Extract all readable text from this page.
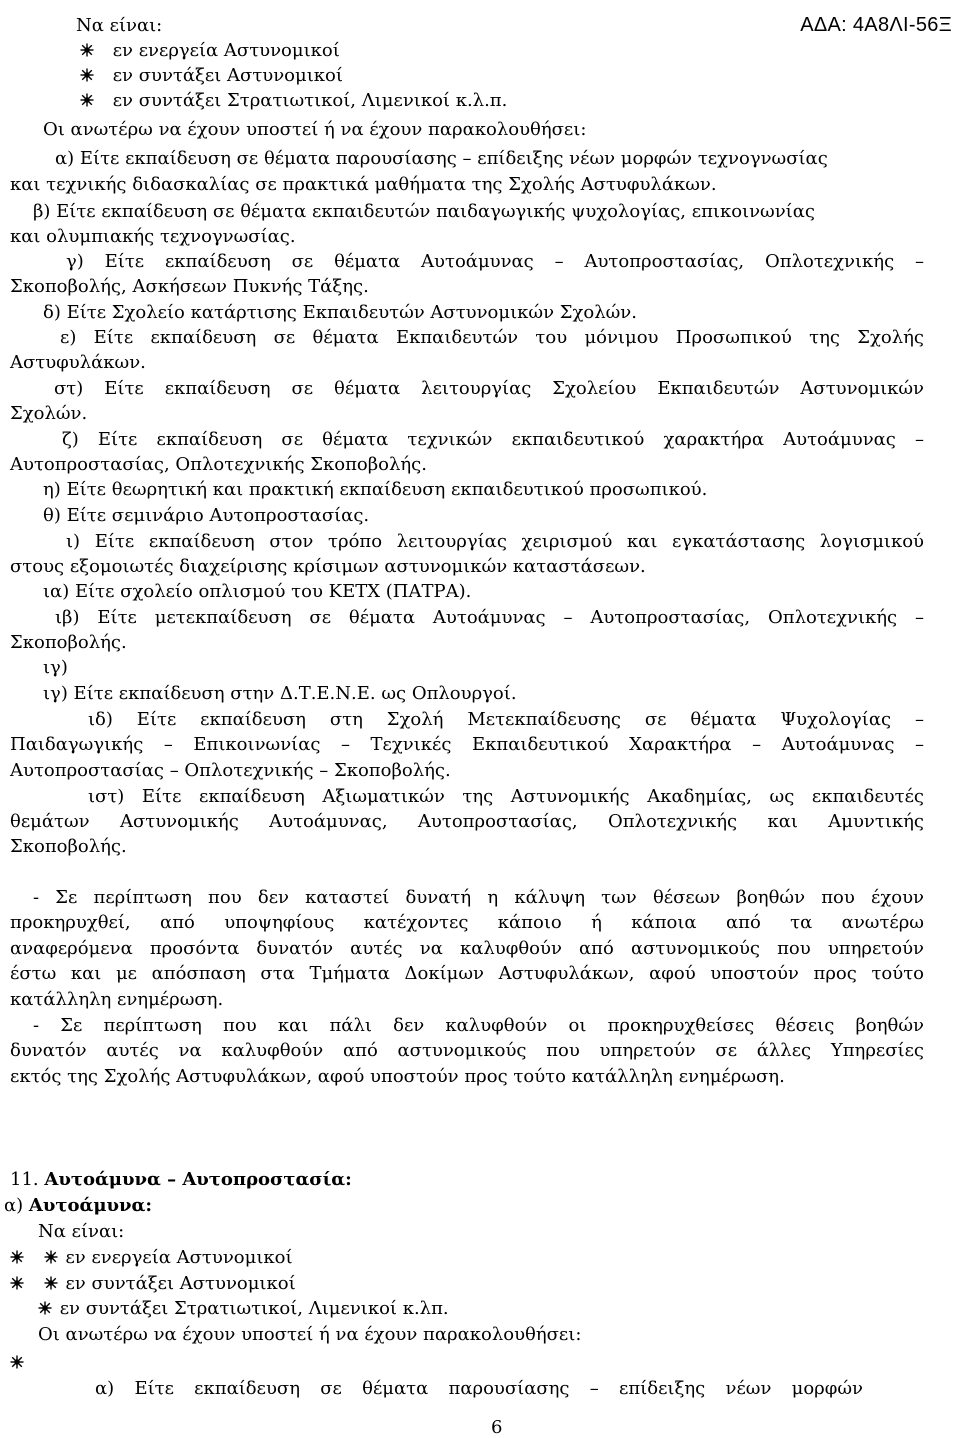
ΑΔΑ: 4Α8ΛΙ-56Ξ
Να είναι:
εν ενεργεία Αστυνομικοί
εν συντάξει Αστυνομικοί
εν συντάξει Στρατιωτικοί, Λιμενικοί κ.λ.π.
Οι ανωτέρω να έχουν υποστεί ή να έχουν παρακολουθήσει:
α) Είτε εκπαίδευση σε θέματα παρουσίασης – επίδειξης νέων μορφών τεχνογνωσίας
και τεχνικής διδασκαλίας σε πρακτικά μαθήματα της Σχολής Αστυφυλάκων.
β) Είτε εκπαίδευση σε θέματα εκπαιδευτών παιδαγωγικής ψυχολογίας, επικοινωνίας
και ολυμπιακής τεχνογνωσίας.
γ) Είτε εκπαίδευση σε θέματα Αυτοάμυνας – Αυτοπροστασίας, Οπλοτεχνικής –
Σκοποβολής, Ασκήσεων Πυκνής Τάξης.
δ) Είτε Σχολείο κατάρτισης Εκπαιδευτών Αστυνομικών Σχολών.
ε) Είτε εκπαίδευση σε θέματα Εκπαιδευτών του μόνιμου Προσωπικού της Σχολής
Αστυφυλάκων.
στ) Είτε εκπαίδευση σε θέματα λειτουργίας Σχολείου Εκπαιδευτών Αστυνομικών
Σχολών.
ζ) Είτε εκπαίδευση σε θέματα τεχνικών εκπαιδευτικού χαρακτήρα Αυτοάμυνας –
Αυτοπροστασίας, Οπλοτεχνικής Σκοποβολής.
η) Είτε θεωρητική και πρακτική εκπαίδευση εκπαιδευτικού προσωπικού.
θ) Είτε σεμινάριο Αυτοπροστασίας.
ι) Είτε εκπαίδευση στον τρόπο λειτουργίας χειρισμού και εγκατάστασης λογισμικού
στους εξομοιωτές διαχείρισης κρίσιμων αστυνομικών καταστάσεων.
ια) Είτε σχολείο οπλισμού του ΚΕΤΧ (ΠΑΤΡΑ).
ιβ) Είτε μετεκπαίδευση σε θέματα Αυτοάμυνας – Αυτοπροστασίας, Οπλοτεχνικής –
Σκοποβολής.
ιγ)
ιγ) Είτε εκπαίδευση στην Δ.Τ.Ε.Ν.Ε. ως Οπλουργοί.
ιδ) Είτε εκπαίδευση στη Σχολή Μετεκπαίδευσης σε θέματα Ψυχολογίας –
Παιδαγωγικής – Επικοινωνίας – Τεχνικές Εκπαιδευτικού Χαρακτήρα – Αυτοάμυνας –
Αυτοπροστασίας – Οπλοτεχνικής – Σκοποβολής.
ιστ) Είτε εκπαίδευση Αξιωματικών της Αστυνομικής Ακαδημίας, ως εκπαιδευτές
θεμάτων Αστυνομικής Αυτοάμυνας, Αυτοπροστασίας, Οπλοτεχνικής και Αμυντικής
Σκοποβολής.
- Σε περίπτωση που δεν καταστεί δυνατή η κάλυψη των θέσεων βοηθών που έχουν
προκηρυχθεί, από υποψηφίους κατέχοντες κάποιο ή κάποια από τα ανωτέρω
αναφερόμενα προσόντα δυνατόν αυτές να καλυφθούν από αστυνομικούς που υπηρετούν
έστω και με απόσπαση στα Τμήματα Δοκίμων Αστυφυλάκων, αφού υποστούν προς τούτο
κατάλληλη ενημέρωση.
- Σε περίπτωση που και πάλι δεν καλυφθούν οι προκηρυχθείσες θέσεις βοηθών
δυνατόν αυτές να καλυφθούν από αστυνομικούς που υπηρετούν σε άλλες Υπηρεσίες
εκτός της Σχολής Αστυφυλάκων, αφού υποστούν προς τούτο κατάλληλη ενημέρωση.
11. Αυτοάμυνα – Αυτοπροστασία:
α) Αυτοάμυνα:
Να είναι:

εν ενεργεία Αστυνομικοί

εν συντάξει Αστυνομικοί
εν συντάξει Στρατιωτικοί, Λιμενικοί κ.λπ.
Οι ανωτέρω να έχουν υποστεί ή να έχουν παρακολουθήσει:
α) Είτε εκπαίδευση σε θέματα παρουσίασης – επίδειξης νέων μορφών
6
